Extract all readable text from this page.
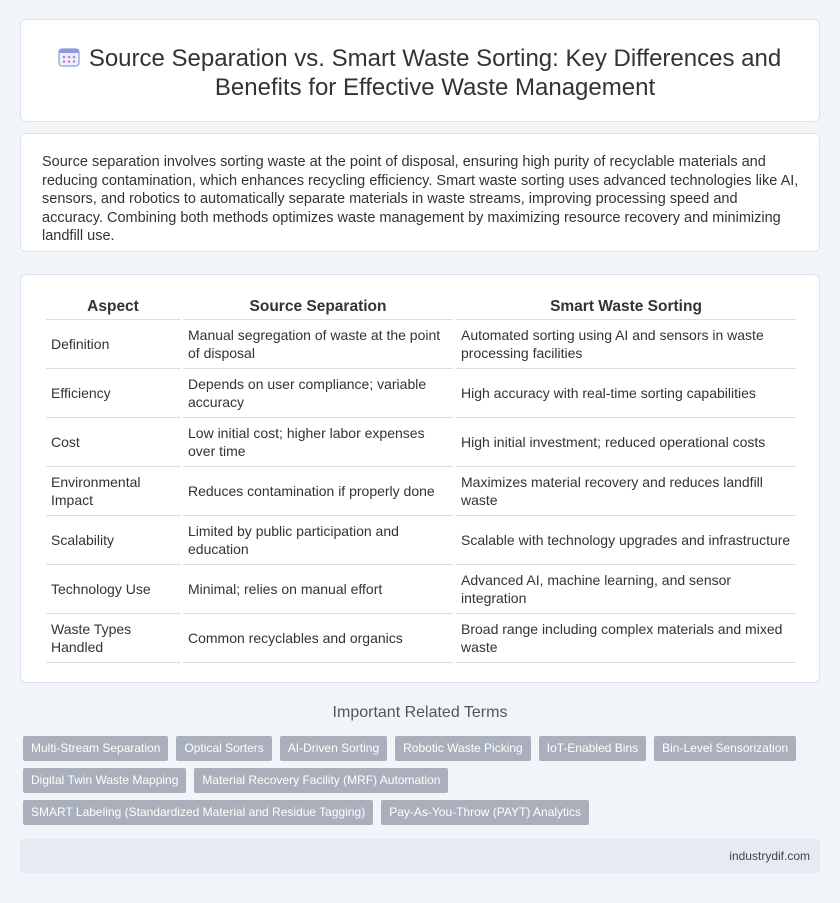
Source Separation vs. Smart Waste Sorting: Key Differences and Benefits for Effective Waste Management

Source separation involves sorting waste at the point of disposal, ensuring high purity of recyclable materials and reducing contamination, which enhances recycling efficiency. Smart waste sorting uses advanced technologies like AI, sensors, and robotics to automatically separate materials in waste streams, improving processing speed and accuracy. Combining both methods optimizes waste management by maximizing resource recovery and minimizing landfill use.

Aspect	Source Separation	Smart Waste Sorting
Definition	Manual segregation of waste at the point of disposal	Automated sorting using AI and sensors in waste processing facilities
Efficiency	Depends on user compliance; variable accuracy	High accuracy with real-time sorting capabilities
Cost	Low initial cost; higher labor expenses over time	High initial investment; reduced operational costs
Environmental Impact	Reduces contamination if properly done	Maximizes material recovery and reduces landfill waste
Scalability	Limited by public participation and education	Scalable with technology upgrades and infrastructure
Technology Use	Minimal; relies on manual effort	Advanced AI, machine learning, and sensor integration
Waste Types Handled	Common recyclables and organics	Broad range including complex materials and mixed waste
Important Related Terms
Multi-Stream Separation	Optical Sorters	AI-Driven Sorting	Robotic Waste Picking	IoT-Enabled Bins	Bin-Level Sensorization
Digital Twin Waste Mapping	Material Recovery Facility (MRF) Automation
SMART Labeling (Standardized Material and Residue Tagging)	Pay-As-You-Throw (PAYT) Analytics
industrydif.com
